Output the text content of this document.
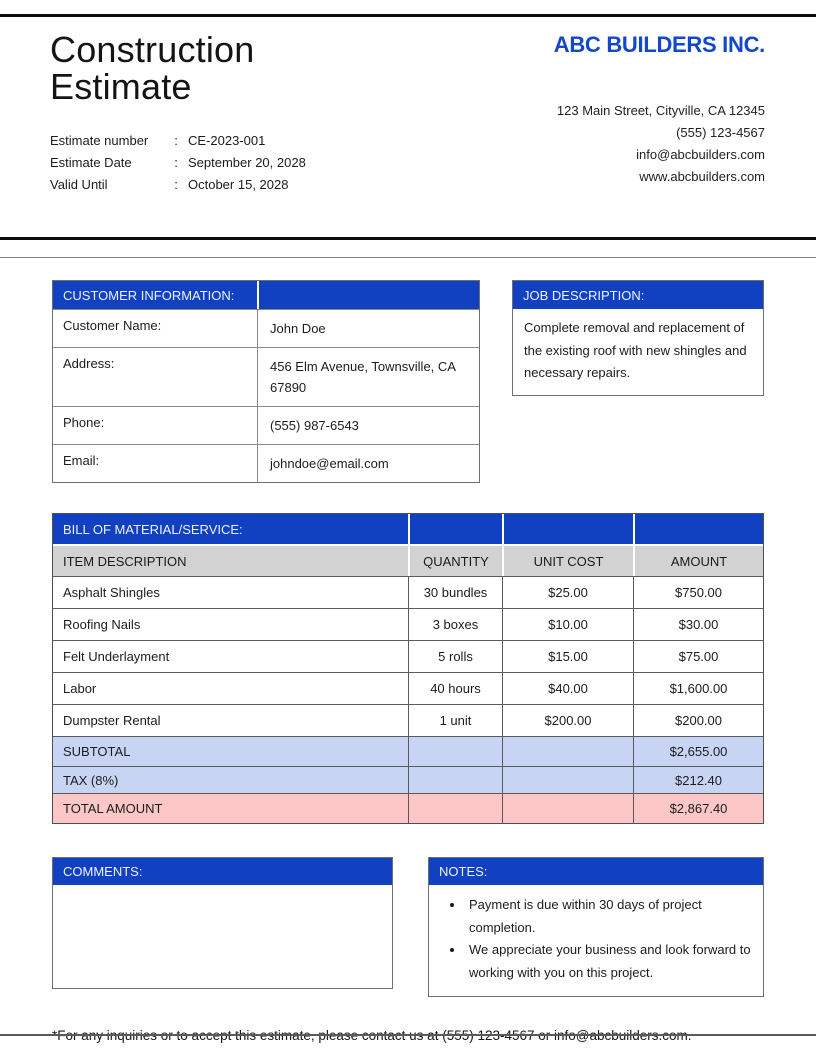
Construction
Estimate
Estimate number	: CE-2023-001
Estimate Date	: September 20, 2028
Valid Until	: October 15, 2028
ABC BUILDERS INC.
123 Main Street, Cityville, CA 12345
(555) 123-4567
info@abcbuilders.com
www.abcbuilders.com
CUSTOMER INFORMATION:
Customer Name:	John Doe
Address:	456 Elm Avenue, Townsville, CA 67890
Phone:	(555) 987-6543
Email:	johndoe@email.com
JOB DESCRIPTION:
Complete removal and replacement of the existing roof with new shingles and necessary repairs.
BILL OF MATERIAL/SERVICE:
ITEM DESCRIPTION	QUANTITY	UNIT COST	AMOUNT
Asphalt Shingles	30 bundles	$25.00	$750.00
Roofing Nails	3 boxes	$10.00	$30.00
Felt Underlayment	5 rolls	$15.00	$75.00
Labor	40 hours	$40.00	$1,600.00
Dumpster Rental	1 unit	$200.00	$200.00
SUBTOTAL	$2,655.00
TAX (8%)	$212.40
TOTAL AMOUNT	$2,867.40
COMMENTS:	NOTES:
• Payment is due within 30 days of project completion.
• We appreciate your business and look forward to working with you on this project.
